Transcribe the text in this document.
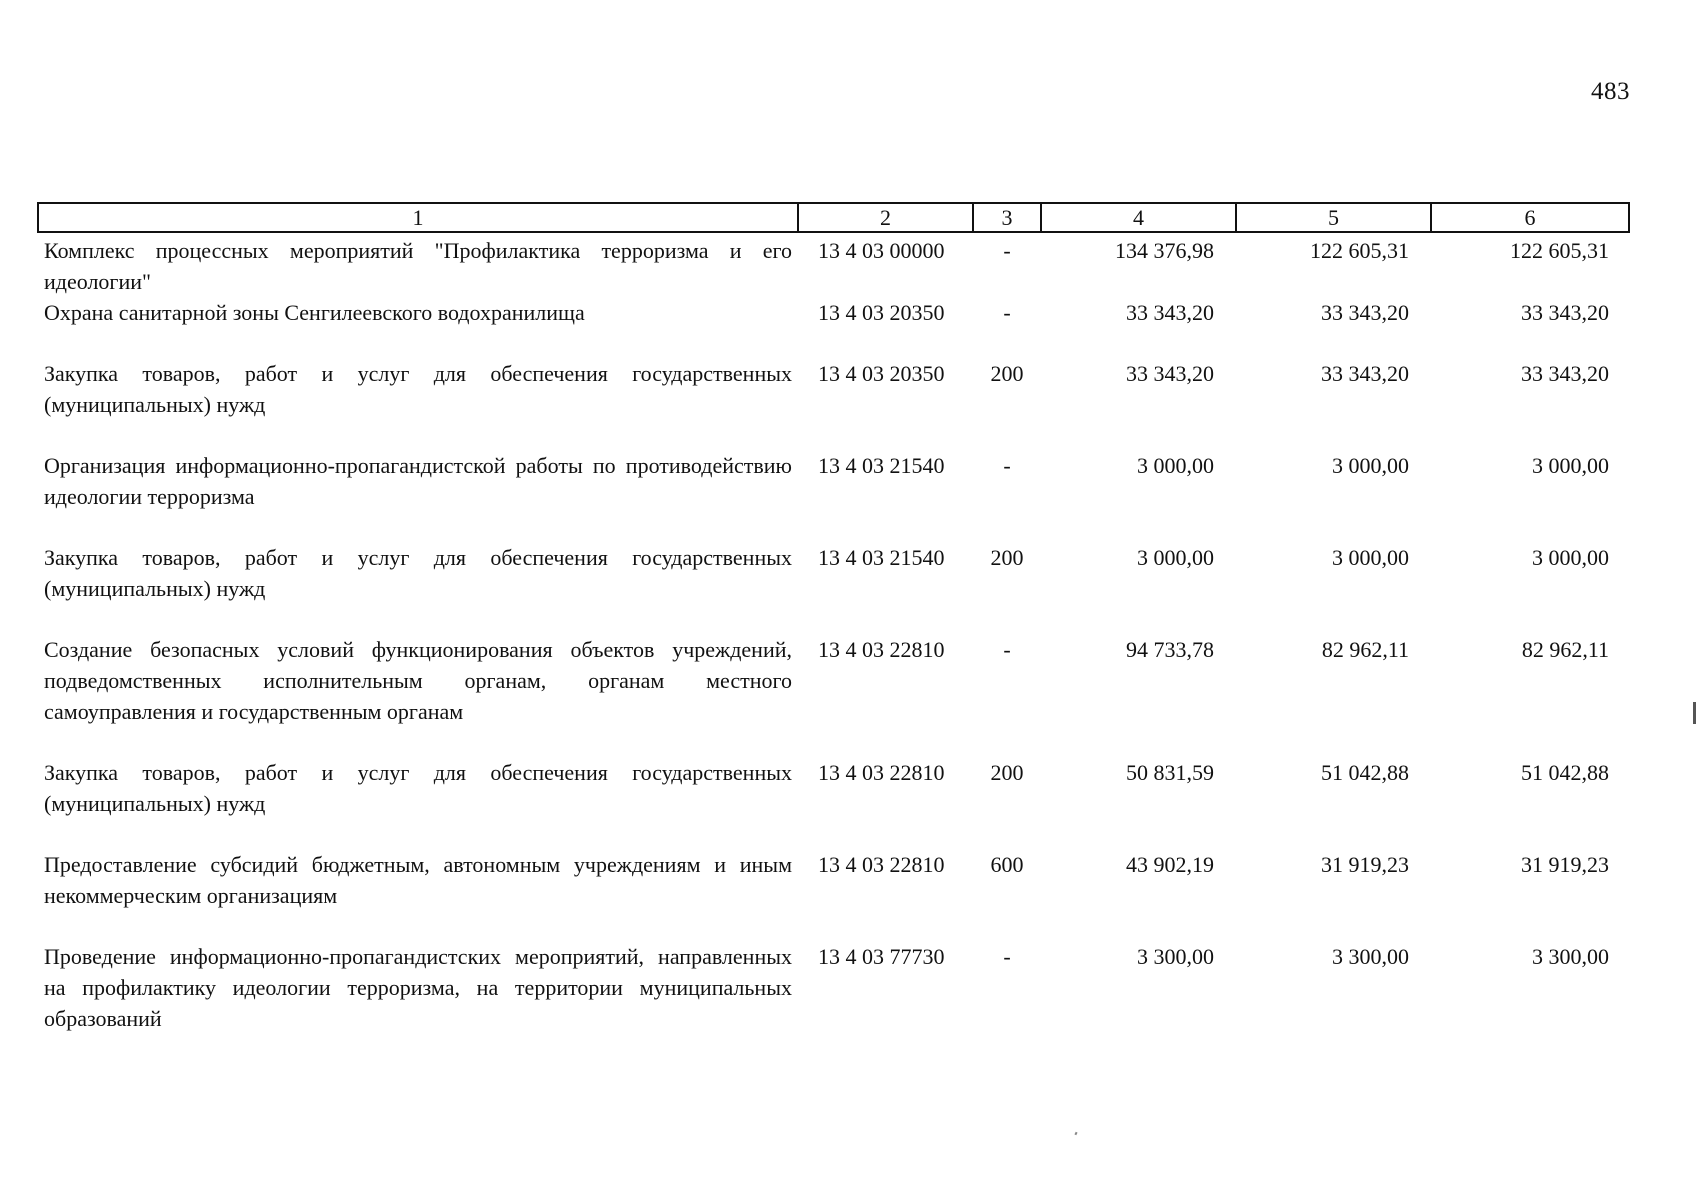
483
1	2	3	4	5	6
Комплекс процессных мероприятий "Профилактика терроризма и его идеологии"	13 4 03 00000	-	134 376,98	122 605,31	122 605,31
Охрана санитарной зоны Сенгилеевского водохранилища	13 4 03 20350	-	33 343,20	33 343,20	33 343,20
Закупка товаров, работ и услуг для обеспечения государственных (муниципальных) нужд	13 4 03 20350	200	33 343,20	33 343,20	33 343,20
Организация информационно-пропагандистской работы по противодействию идеологии терроризма	13 4 03 21540	-	3 000,00	3 000,00	3 000,00
Закупка товаров, работ и услуг для обеспечения государственных (муниципальных) нужд	13 4 03 21540	200	3 000,00	3 000,00	3 000,00
Создание безопасных условий функционирования объектов учреждений, подведомственных исполнительным органам, органам местного самоуправления и государственным органам	13 4 03 22810	-	94 733,78	82 962,11	82 962,11
Закупка товаров, работ и услуг для обеспечения государственных (муниципальных) нужд	13 4 03 22810	200	50 831,59	51 042,88	51 042,88
Предоставление субсидий бюджетным, автономным учреждениям и иным некоммерческим организациям	13 4 03 22810	600	43 902,19	31 919,23	31 919,23
Проведение информационно-пропагандистских мероприятий, направленных на профилактику идеологии терроризма, на территории муниципальных образований	13 4 03 77730	-	3 300,00	3 300,00	3 300,00
